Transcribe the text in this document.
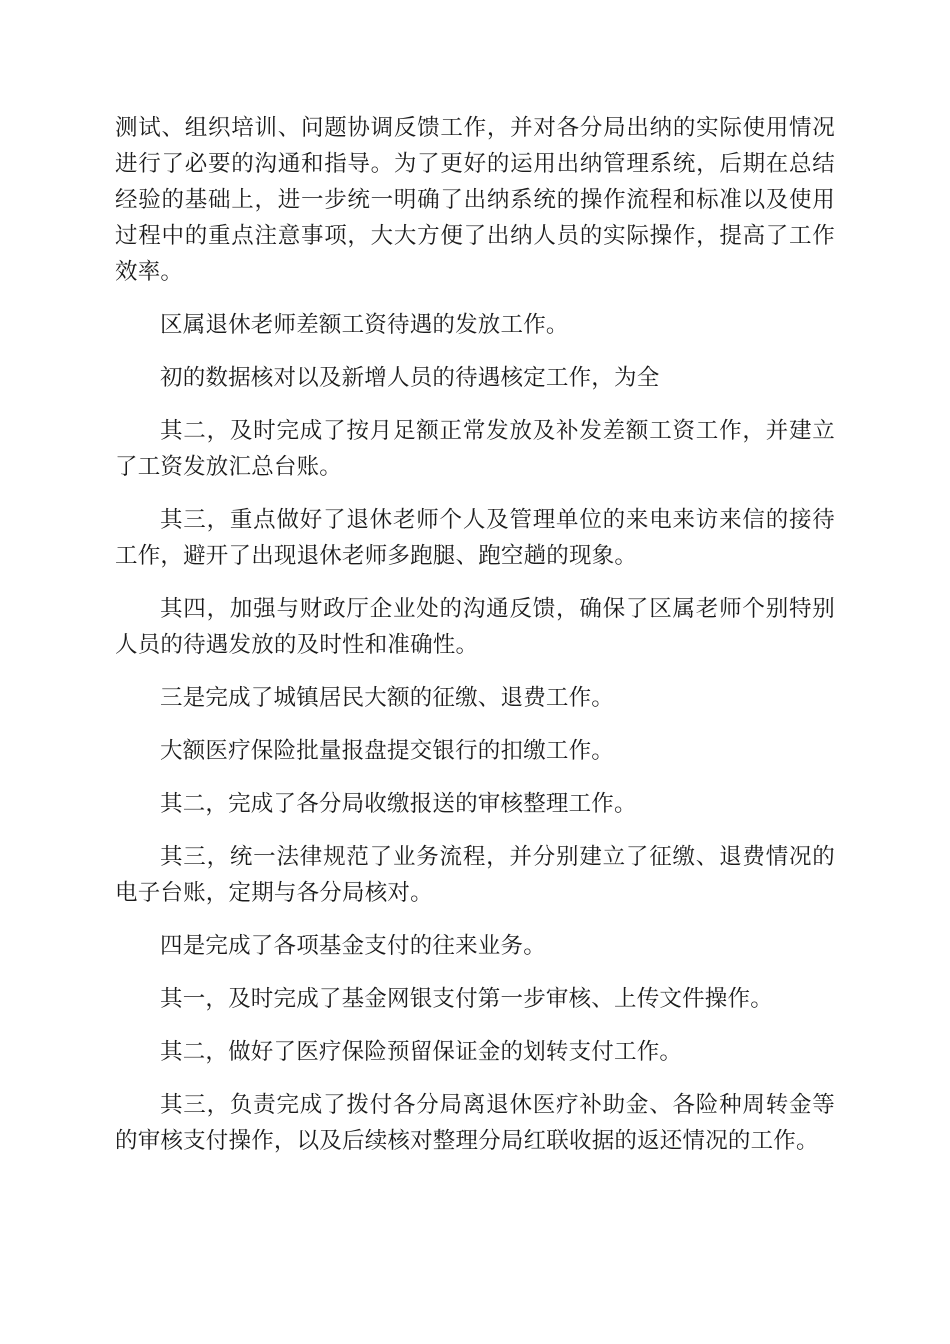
测试、组织培训、问题协调反馈工作，并对各分局出纳的实际使用情况进行了必要的沟通和指导。为了更好的运用出纳管理系统，后期在总结经验的基础上，进一步统一明确了出纳系统的操作流程和标准以及使用过程中的重点注意事项，大大方便了出纳人员的实际操作，提高了工作效率。

区属退休老师差额工资待遇的发放工作。

初的数据核对以及新增人员的待遇核定工作，为全

其二，及时完成了按月足额正常发放及补发差额工资工作，并建立了工资发放汇总台账。

其三，重点做好了退休老师个人及管理单位的来电来访来信的接待工作，避开了出现退休老师多跑腿、跑空趟的现象。

其四，加强与财政厅企业处的沟通反馈，确保了区属老师个别特别人员的待遇发放的及时性和准确性。

三是完成了城镇居民大额的征缴、退费工作。

大额医疗保险批量报盘提交银行的扣缴工作。

其二，完成了各分局收缴报送的审核整理工作。

其三，统一法律规范了业务流程，并分别建立了征缴、退费情况的电子台账，定期与各分局核对。

四是完成了各项基金支付的往来业务。

其一，及时完成了基金网银支付第一步审核、上传文件操作。

其二，做好了医疗保险预留保证金的划转支付工作。

其三，负责完成了拨付各分局离退休医疗补助金、各险种周转金等的审核支付操作，以及后续核对整理分局红联收据的返还情况的工作。
